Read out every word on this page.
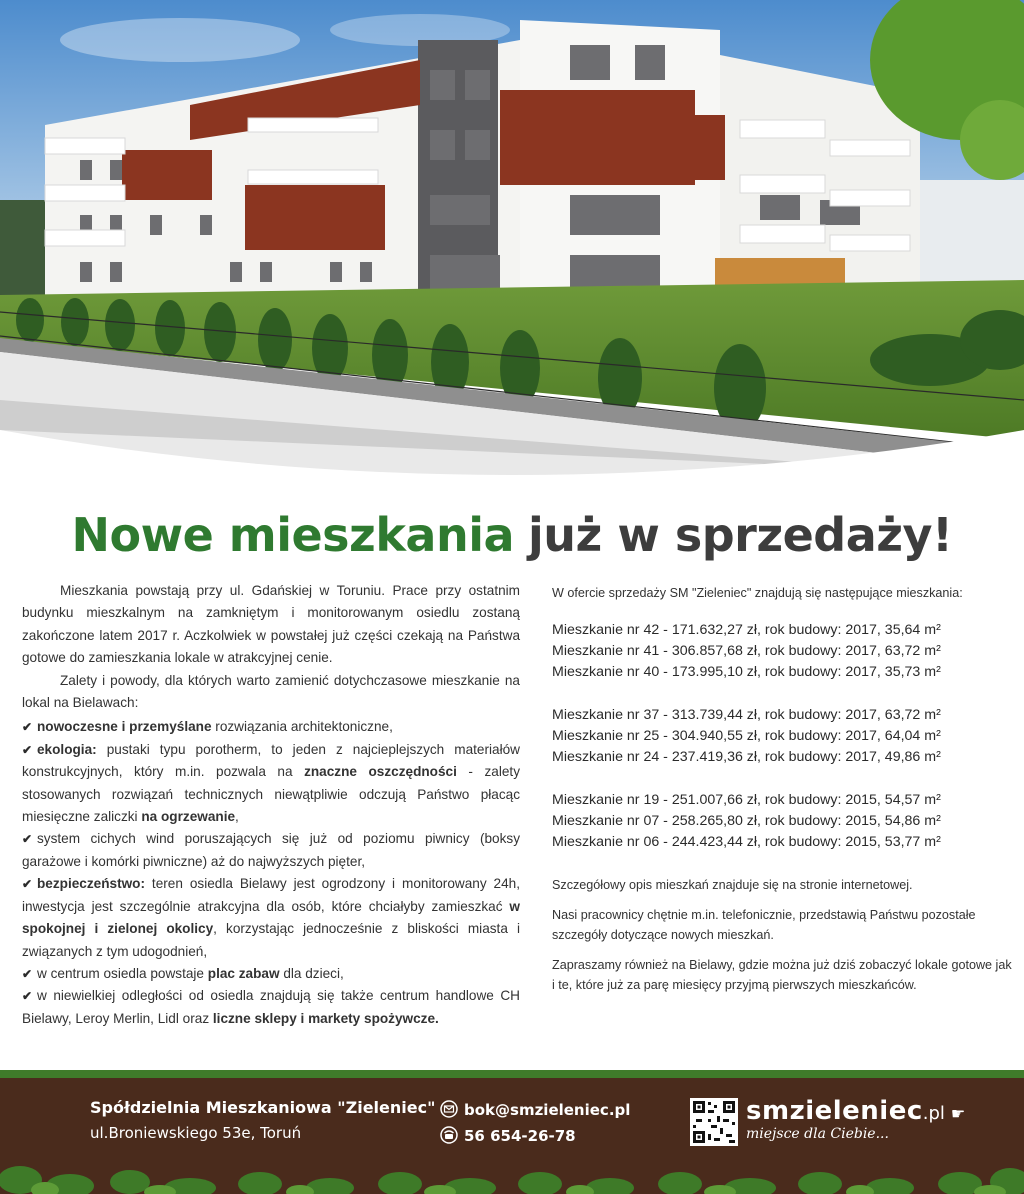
Nowe mieszkania już w sprzedaży!

Mieszkania powstają przy ul. Gdańskiej w Toruniu. Prace przy ostatnim budynku mieszkalnym na zamkniętym i monitorowanym osiedlu zostaną zakończone latem 2017 r. Aczkolwiek w powstałej już części czekają na Państwa gotowe do zamieszkania lokale w atrakcyjnej cenie.

Zalety i powody, dla których warto zamienić dotychczasowe mieszkanie na lokal na Bielawach:

✔ nowoczesne i przemyślane rozwiązania architektoniczne,
✔ ekologia: pustaki typu porotherm, to jeden z najcieplejszych materiałów konstrukcyjnych, który m.in. pozwala na znaczne oszczędności - zalety stosowanych rozwiązań technicznych niewątpliwie odczują Państwo płacąc miesięczne zaliczki na ogrzewanie,
✔ system cichych wind poruszających się już od poziomu piwnicy (boksy garażowe i komórki piwniczne) aż do najwyższych pięter,
✔ bezpieczeństwo: teren osiedla Bielawy jest ogrodzony i monitorowany 24h, inwestycja jest szczególnie atrakcyjna dla osób, które chciałyby zamieszkać w spokojnej i zielonej okolicy, korzystając jednocześnie z bliskości miasta i związanych z tym udogodnień,
✔ w centrum osiedla powstaje plac zabaw dla dzieci,
✔ w niewielkiej odległości od osiedla znajdują się także centrum handlowe CH Bielawy, Leroy Merlin, Lidl oraz liczne sklepy i markety spożywcze.

W ofercie sprzedaży SM "Zieleniec" znajdują się następujące mieszkania:

Mieszkanie nr 42 - 171.632,27 zł, rok budowy: 2017, 35,64 m²
Mieszkanie nr 41 - 306.857,68 zł, rok budowy: 2017, 63,72 m²
Mieszkanie nr 40 - 173.995,10 zł, rok budowy: 2017, 35,73 m²
Mieszkanie nr 37 - 313.739,44 zł, rok budowy: 2017, 63,72 m²
Mieszkanie nr 25 - 304.940,55 zł, rok budowy: 2017, 64,04 m²
Mieszkanie nr 24 - 237.419,36 zł, rok budowy: 2017, 49,86 m²
Mieszkanie nr 19 - 251.007,66 zł, rok budowy: 2015, 54,57 m²
Mieszkanie nr 07 - 258.265,80 zł, rok budowy: 2015, 54,86 m²
Mieszkanie nr 06 - 244.423,44 zł, rok budowy: 2015, 53,77 m²

Szczegółowy opis mieszkań znajduje się na stronie internetowej.

Nasi pracownicy chętnie m.in. telefonicznie, przedstawią Państwu pozostałe szczegóły dotyczące nowych mieszkań.

Zapraszamy również na Bielawy, gdzie można już dziś zobaczyć lokale gotowe jak i te, które już za parę miesięcy przyjmą pierwszych mieszkańców.

Spółdzielnia Mieszkaniowa "Zieleniec"
ul.Broniewskiego 53e, Toruń
bok@smzieleniec.pl
56 654-26-78
smzieleniec.pl ☛
miejsce dla Ciebie...
